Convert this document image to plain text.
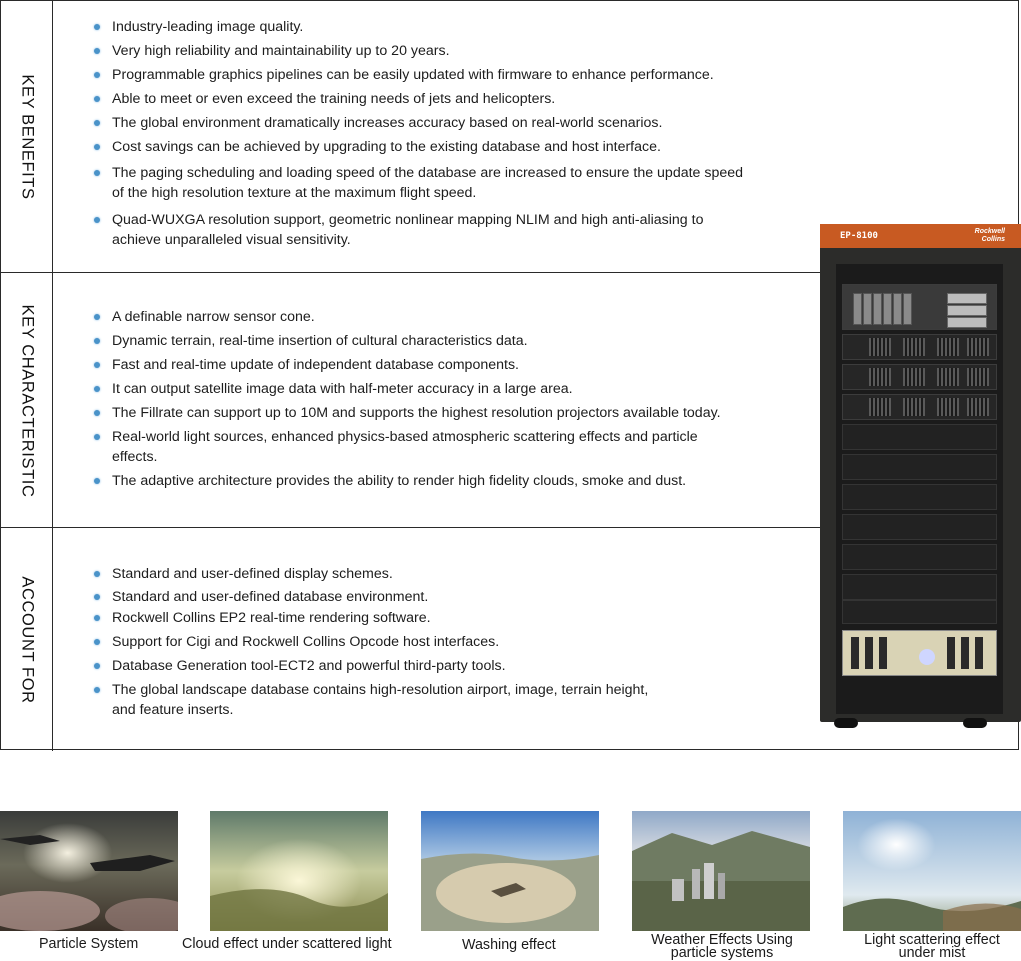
KEY BENEFITS
Industry-leading image quality.
Very high reliability and maintainability up to 20 years.
Programmable graphics pipelines can be easily updated with firmware to enhance performance.
Able to meet or even exceed the training needs of jets and helicopters.
The global environment dramatically increases accuracy based on real-world scenarios.
Cost savings can be achieved by upgrading to the existing database and host interface.
The paging scheduling and loading speed of the database are increased to ensure the update speed
of the high resolution texture at the maximum flight speed.
Quad-WUXGA resolution support, geometric nonlinear mapping NLIM and high anti-aliasing to
achieve unparalleled visual sensitivity.
KEY CHARACTERISTIC	A definable narrow sensor cone.
Dynamic terrain, real-time insertion of cultural characteristics data.
Fast and real-time update of independent database components.
It can output satellite image data with half-meter accuracy in a large area.
The Fillrate can support up to 10M and supports the highest resolution projectors available today.
Real-world light sources, enhanced physics-based atmospheric scattering effects and particle
effects.
The adaptive architecture provides the ability to render high fidelity clouds, smoke and dust.
ACCOUNT FOR
Standard and user-defined display schemes.
Standard and user-defined database environment.
Rockwell Collins EP2 real-time rendering software.
Support for Cigi and Rockwell Collins Opcode host interfaces.
Database Generation tool-ECT2 and powerful third-party tools.
The global landscape database contains high-resolution airport, image, terrain height,
and feature inserts.
EP-8100	Rockwell
Collins
Particle System	Cloud effect under scattered light	Washing effect	Weather Effects Using
particle systems
Light scattering effect
under mist
